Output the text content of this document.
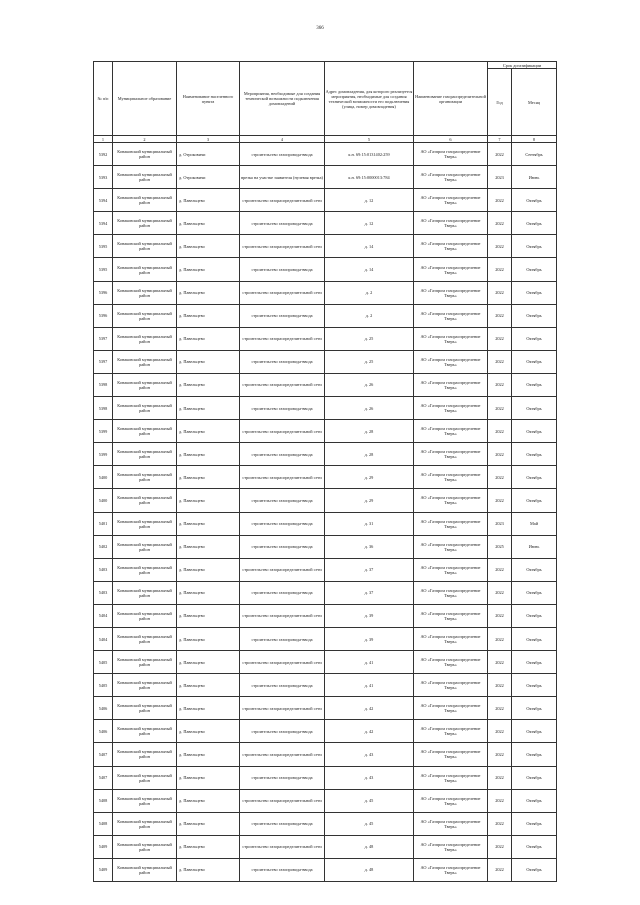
366
№ п/п	Муниципальное образование	Наименование населенного пункта	Мероприятия, необходимые для создания технической возможности подключения домовладений	Адрес домовладения, для которого реализуется мероприятия, необходимые для создания технической возможности его подключения (улица, номер домовладения)	Наименование газораспределительной организации	Срок догазификации	
						Год	Месяц
1	2	3	4	5	6	7	8
5392	Конаковский муниципальный район	д. Отроковичи	строительство газопровода-ввода	к.н. 69:15:0131402:259	АО «Газпром газораспределение Тверь»	2022	Сентябрь
5393	Конаковский муниципальный район	д. Отроковичи	врезка на участке заявителя (нулевая врезка)	к.н. 69:15:0000013:784	АО «Газпром газораспределение Тверь»	2023	Июнь
5394	Конаковский муниципальный район	д. Павельцево	строительство газораспределительной сети	д. 12	АО «Газпром газораспределение Тверь»	2022	Октябрь
5394	Конаковский муниципальный район	д. Павельцево	строительство газопровода-ввода	д. 12	АО «Газпром газораспределение Тверь»	2022	Октябрь
5395	Конаковский муниципальный район	д. Павельцево	строительство газораспределительной сети	д. 14	АО «Газпром газораспределение Тверь»	2022	Октябрь
5395	Конаковский муниципальный район	д. Павельцево	строительство газопровода-ввода	д. 14	АО «Газпром газораспределение Тверь»	2022	Октябрь
5396	Конаковский муниципальный район	д. Павельцево	строительство газораспределительной сети	д. 2	АО «Газпром газораспределение Тверь»	2022	Октябрь
5396	Конаковский муниципальный район	д. Павельцево	строительство газопровода-ввода	д. 2	АО «Газпром газораспределение Тверь»	2022	Октябрь
5397	Конаковский муниципальный район	д. Павельцево	строительство газораспределительной сети	д. 25	АО «Газпром газораспределение Тверь»	2022	Октябрь
5397	Конаковский муниципальный район	д. Павельцево	строительство газопровода-ввода	д. 25	АО «Газпром газораспределение Тверь»	2022	Октябрь
5398	Конаковский муниципальный район	д. Павельцево	строительство газораспределительной сети	д. 26	АО «Газпром газораспределение Тверь»	2022	Октябрь
5398	Конаковский муниципальный район	д. Павельцево	строительство газопровода-ввода	д. 26	АО «Газпром газораспределение Тверь»	2022	Октябрь
5399	Конаковский муниципальный район	д. Павельцево	строительство газораспределительной сети	д. 28	АО «Газпром газораспределение Тверь»	2022	Октябрь
5399	Конаковский муниципальный район	д. Павельцево	строительство газопровода-ввода	д. 28	АО «Газпром газораспределение Тверь»	2022	Октябрь
5400	Конаковский муниципальный район	д. Павельцево	строительство газораспределительной сети	д. 29	АО «Газпром газораспределение Тверь»	2022	Октябрь
5400	Конаковский муниципальный район	д. Павельцево	строительство газопровода-ввода	д. 29	АО «Газпром газораспределение Тверь»	2022	Октябрь
5401	Конаковский муниципальный район	д. Павельцево	строительство газопровода-ввода	д. 31	АО «Газпром газораспределение Тверь»	2023	Май
5402	Конаковский муниципальный район	д. Павельцево	строительство газопровода-ввода	д. 36	АО «Газпром газораспределение Тверь»	2025	Июнь
5403	Конаковский муниципальный район	д. Павельцево	строительство газораспределительной сети	д. 37	АО «Газпром газораспределение Тверь»	2022	Октябрь
5403	Конаковский муниципальный район	д. Павельцево	строительство газопровода-ввода	д. 37	АО «Газпром газораспределение Тверь»	2022	Октябрь
5404	Конаковский муниципальный район	д. Павельцево	строительство газораспределительной сети	д. 39	АО «Газпром газораспределение Тверь»	2022	Октябрь
5404	Конаковский муниципальный район	д. Павельцево	строительство газопровода-ввода	д. 39	АО «Газпром газораспределение Тверь»	2022	Октябрь
5405	Конаковский муниципальный район	д. Павельцево	строительство газораспределительной сети	д. 41	АО «Газпром газораспределение Тверь»	2022	Октябрь
5405	Конаковский муниципальный район	д. Павельцево	строительство газопровода-ввода	д. 41	АО «Газпром газораспределение Тверь»	2022	Октябрь
5406	Конаковский муниципальный район	д. Павельцево	строительство газораспределительной сети	д. 42	АО «Газпром газораспределение Тверь»	2022	Октябрь
5406	Конаковский муниципальный район	д. Павельцево	строительство газопровода-ввода	д. 42	АО «Газпром газораспределение Тверь»	2022	Октябрь
5407	Конаковский муниципальный район	д. Павельцево	строительство газораспределительной сети	д. 43	АО «Газпром газораспределение Тверь»	2022	Октябрь
5407	Конаковский муниципальный район	д. Павельцево	строительство газопровода-ввода	д. 43	АО «Газпром газораспределение Тверь»	2022	Октябрь
5408	Конаковский муниципальный район	д. Павельцево	строительство газораспределительной сети	д. 45	АО «Газпром газораспределение Тверь»	2022	Октябрь
5408	Конаковский муниципальный район	д. Павельцево	строительство газопровода-ввода	д. 45	АО «Газпром газораспределение Тверь»	2022	Октябрь
5409	Конаковский муниципальный район	д. Павельцево	строительство газораспределительной сети	д. 48	АО «Газпром газораспределение Тверь»	2022	Октябрь
5409	Конаковский муниципальный район	д. Павельцево	строительство газопровода-ввода	д. 48	АО «Газпром газораспределение Тверь»	2022	Октябрь
